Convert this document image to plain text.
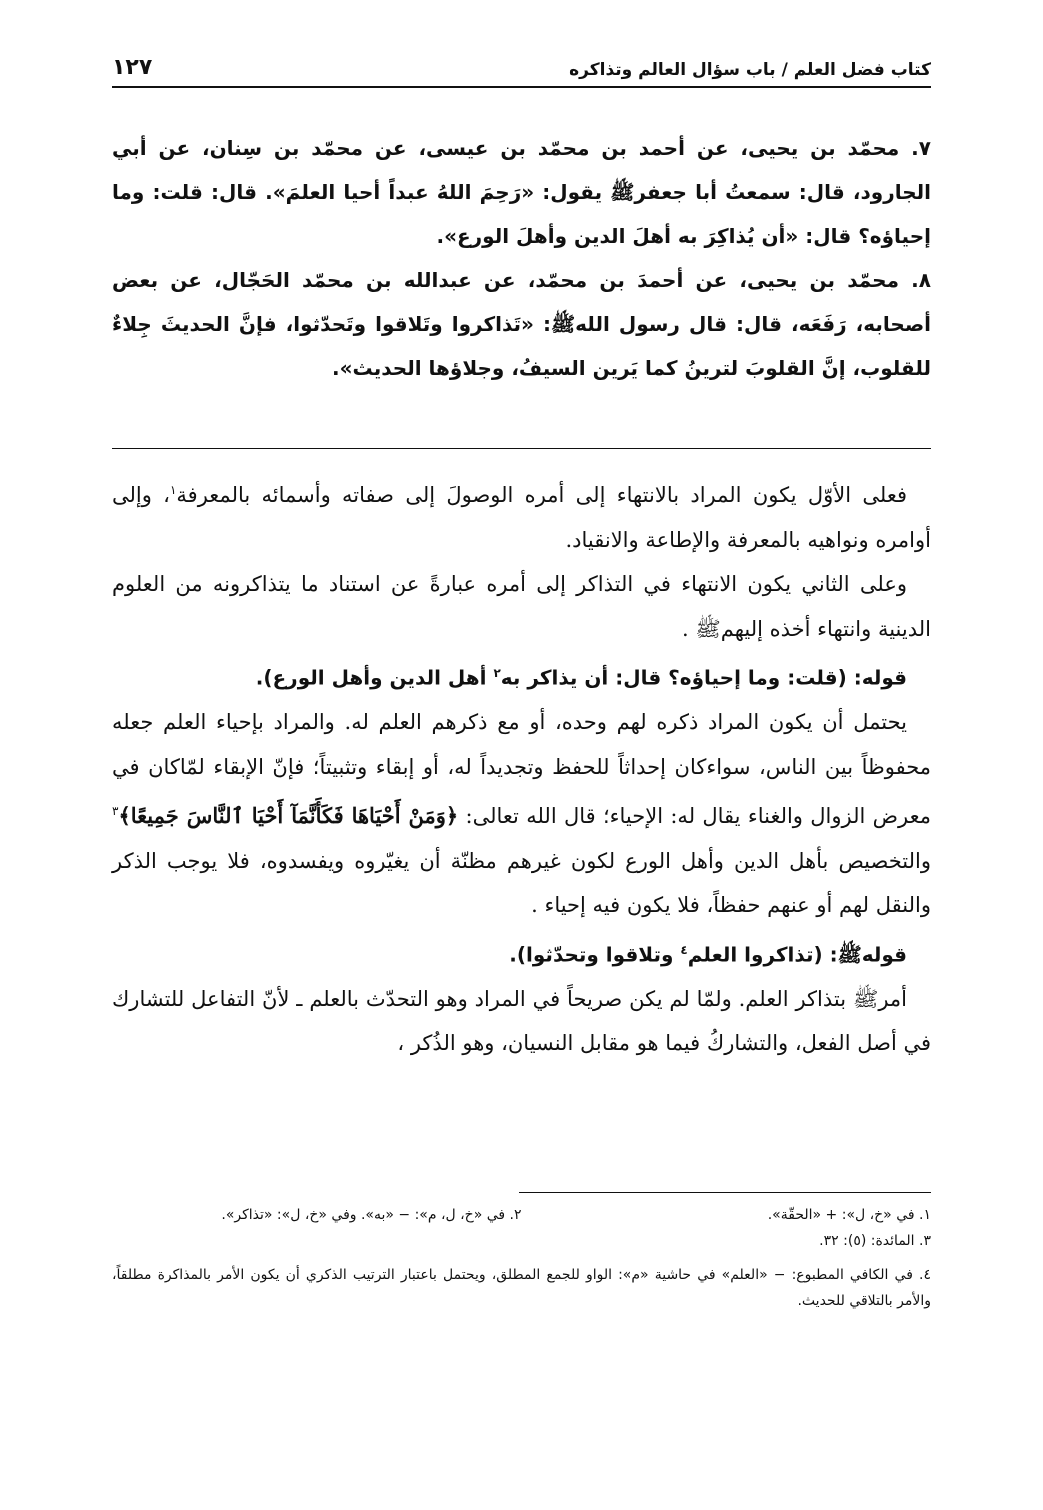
كتاب فضل العلم / باب سؤال العالم وتذاكره
١٢٧

٧. محمّد بن يحيى، عن أحمد بن محمّد بن عيسى، عن محمّد بن سِنان، عن أبي الجارود، قال: سمعتُ أبا جعفرﷺ يقول: «رَحِمَ اللهُ عبداً أحيا العلمَ». قال: قلت: وما إحياؤه؟ قال: «أن يُذاكِرَ به أهلَ الدين وأهلَ الورع».

٨. محمّد بن يحيى، عن أحمدَ بن محمّد، عن عبدالله بن محمّد الحَجّال، عن بعض أصحابه، رَفَعَه، قال: قال رسول اللهﷺ: «تَذاكروا وتَلاقوا وتَحدّثوا، فإنَّ الحديثَ جِلاءٌ للقلوب، إنَّ القلوبَ لترينُ كما يَرين السيفُ، وجلاؤها الحديث».

فعلى الأوّل يكون المراد بالانتهاء إلى أمره الوصولَ إلى صفاته وأسمائه بالمعرفة$^١$، وإلى أوامره ونواهيه بالمعرفة والإطاعة والانقياد.

وعلى الثاني يكون الانتهاء في التذاكر إلى أمره عبارةً عن استناد ما يتذاكرونه من العلوم الدينية وانتهاء أخذه إليهمﷺ .

قوله: (قلت: وما إحياؤه؟ قال: أن يذاكر به$^٢$ أهل الدين وأهل الورع).

يحتمل أن يكون المراد ذكره لهم وحده، أو مع ذكرهم العلم له. والمراد بإحياء العلم جعله محفوظاً بين الناس، سواءكان إحداثاً للحفظ وتجديداً له، أو إبقاء وتثبيتاً؛ فإنّ الإبقاء لمّاكان في معرض الزوال والغناء يقال له: الإحياء؛ قال الله تعالى: ﴿وَمَنْ أَحْيَاهَا فَكَأَنَّمَآ أَحْيَا ٱلنَّاسَ جَمِيعًا﴾$^٣$ والتخصيص بأهل الدين وأهل الورع لكون غيرهم مظنّة أن يغيّروه ويفسدوه، فلا يوجب الذكر والنقل لهم أو عنهم حفظاً، فلا يكون فيه إحياء .

قولهﷺ: (تذاكروا العلم$^٤$ وتلاقوا وتحدّثوا).

أمرﷺ بتذاكر العلم. ولمّا لم يكن صريحاً في المراد وهو التحدّث بالعلم ـ لأنّ التفاعل للتشارك في أصل الفعل، والتشاركُ فيما هو مقابل النسيان، وهو الذُكر ،

١. في «خ، ل»: + «الحقّة».
٢. في «خ، ل، م»: − «به». وفي «خ، ل»: «تذاكر».
٣. المائدة: (٥): ٣٢.
٤. في الكافي المطبوع: − «العلم» في حاشية «م»: الواو للجمع المطلق، ويحتمل باعتبار الترتيب الذكري أن يكون الأمر بالمذاكرة مطلقاً، والأمر بالتلاقي للحديث.
